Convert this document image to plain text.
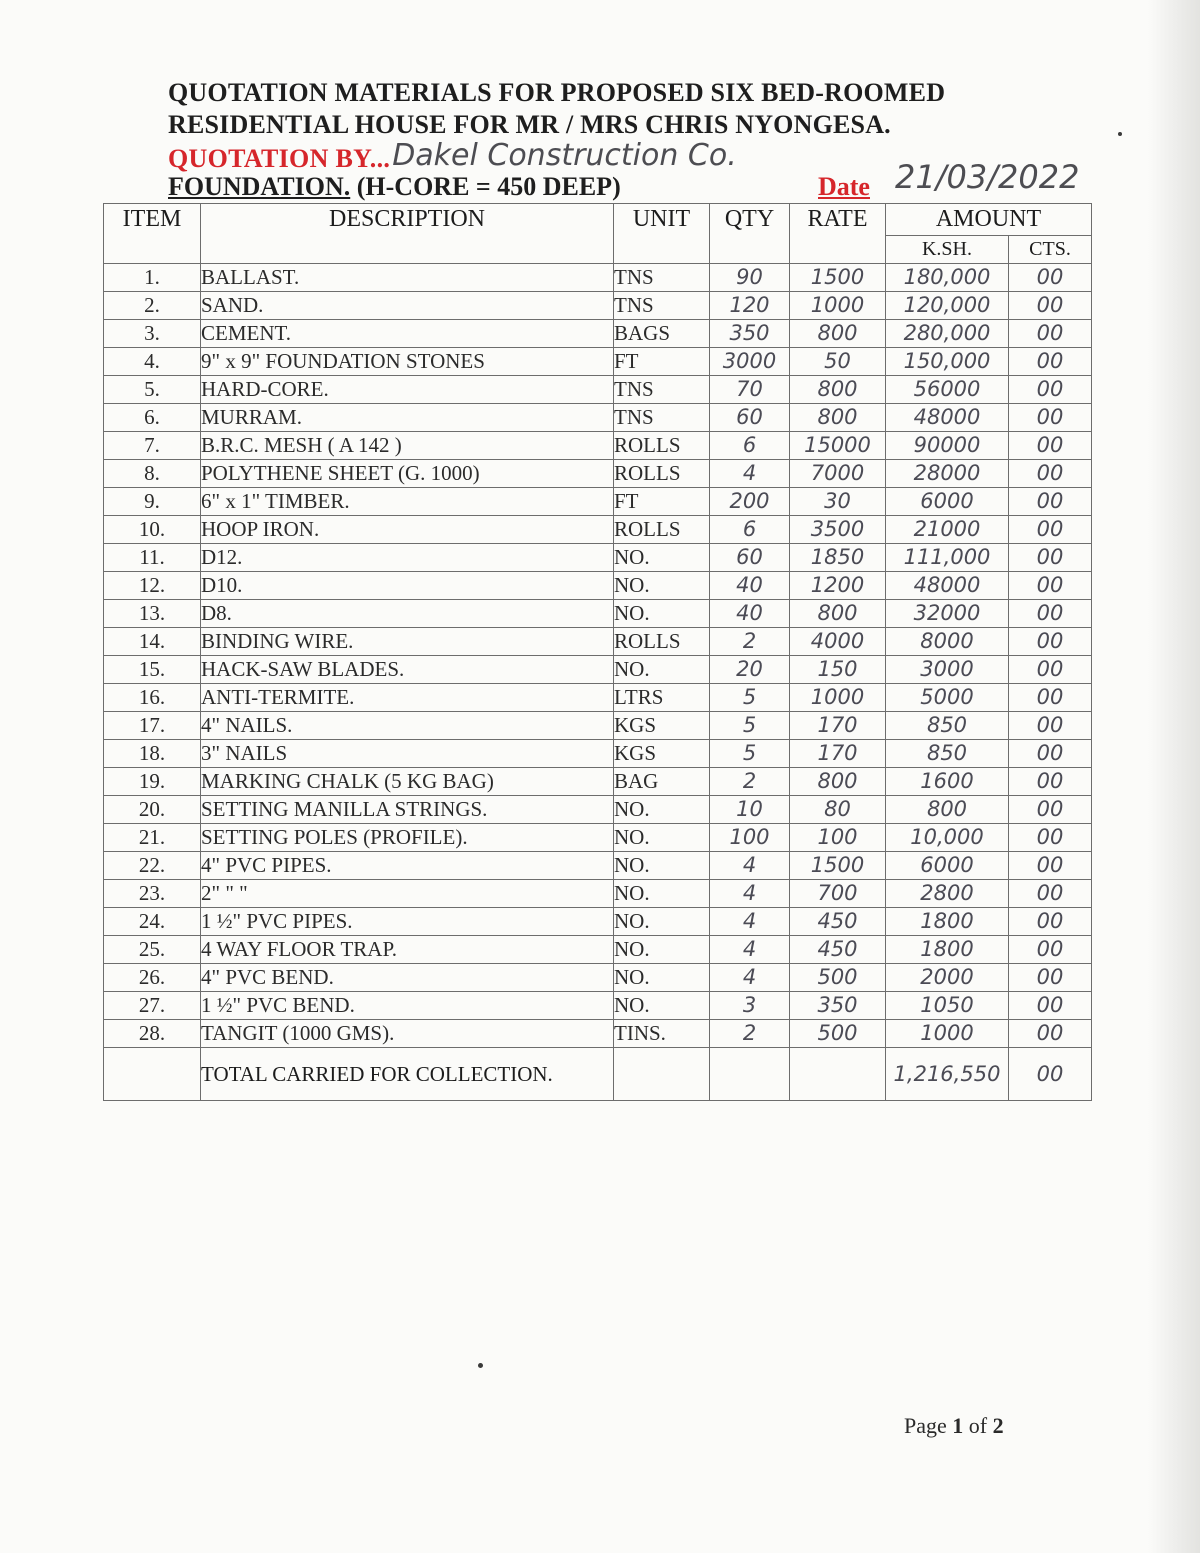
QUOTATION MATERIALS FOR PROPOSED SIX BED-ROOMED
RESIDENTIAL HOUSE FOR MR / MRS CHRIS NYONGESA.
QUOTATION BY...Dakel Construction Co.
FOUNDATION. (H-CORE = 450 DEEP)	Date 21/03/2022
ITEM	DESCRIPTION	UNIT	QTY	RATE	AMOUNT	
					K.SH.	CTS.
1.	BALLAST.	TNS	90	1500	180,000	00
2.	SAND.	TNS	120	1000	120,000	00
3.	CEMENT.	BAGS	350	800	280,000	00
4.	9" x 9" FOUNDATION STONES	FT	3000	50	150,000	00
5.	HARD-CORE.	TNS	70	800	56000	00
6.	MURRAM.	TNS	60	800	48000	00
7.	B.R.C. MESH ( A 142 )	ROLLS	6	15000	90000	00
8.	POLYTHENE SHEET (G. 1000)	ROLLS	4	7000	28000	00
9.	6" x 1" TIMBER.	FT	200	30	6000	00
10.	HOOP IRON.	ROLLS	6	3500	21000	00
11.	D12.	NO.	60	1850	111,000	00
12.	D10.	NO.	40	1200	48000	00
13.	D8.	NO.	40	800	32000	00
14.	BINDING WIRE.	ROLLS	2	4000	8000	00
15.	HACK-SAW BLADES.	NO.	20	150	3000	00
16.	ANTI-TERMITE.	LTRS	5	1000	5000	00
17.	4" NAILS.	KGS	5	170	850	00
18.	3" NAILS	KGS	5	170	850	00
19.	MARKING CHALK (5 KG BAG)	BAG	2	800	1600	00
20.	SETTING MANILLA STRINGS.	NO.	10	80	800	00
21.	SETTING POLES (PROFILE).	NO.	100	100	10,000	00
22.	4" PVC PIPES.	NO.	4	1500	6000	00
23.	2" " "	NO.	4	700	2800	00
24.	1 ½" PVC PIPES.	NO.	4	450	1800	00
25.	4 WAY FLOOR TRAP.	NO.	4	450	1800	00
26.	4" PVC BEND.	NO.	4	500	2000	00
27.	1 ½" PVC BEND.	NO.	3	350	1050	00
28.	TANGIT (1000 GMS).	TINS.	2	500	1000	00
	TOTAL CARRIED FOR COLLECTION.				1,216,550	00
Page 1 of 2
